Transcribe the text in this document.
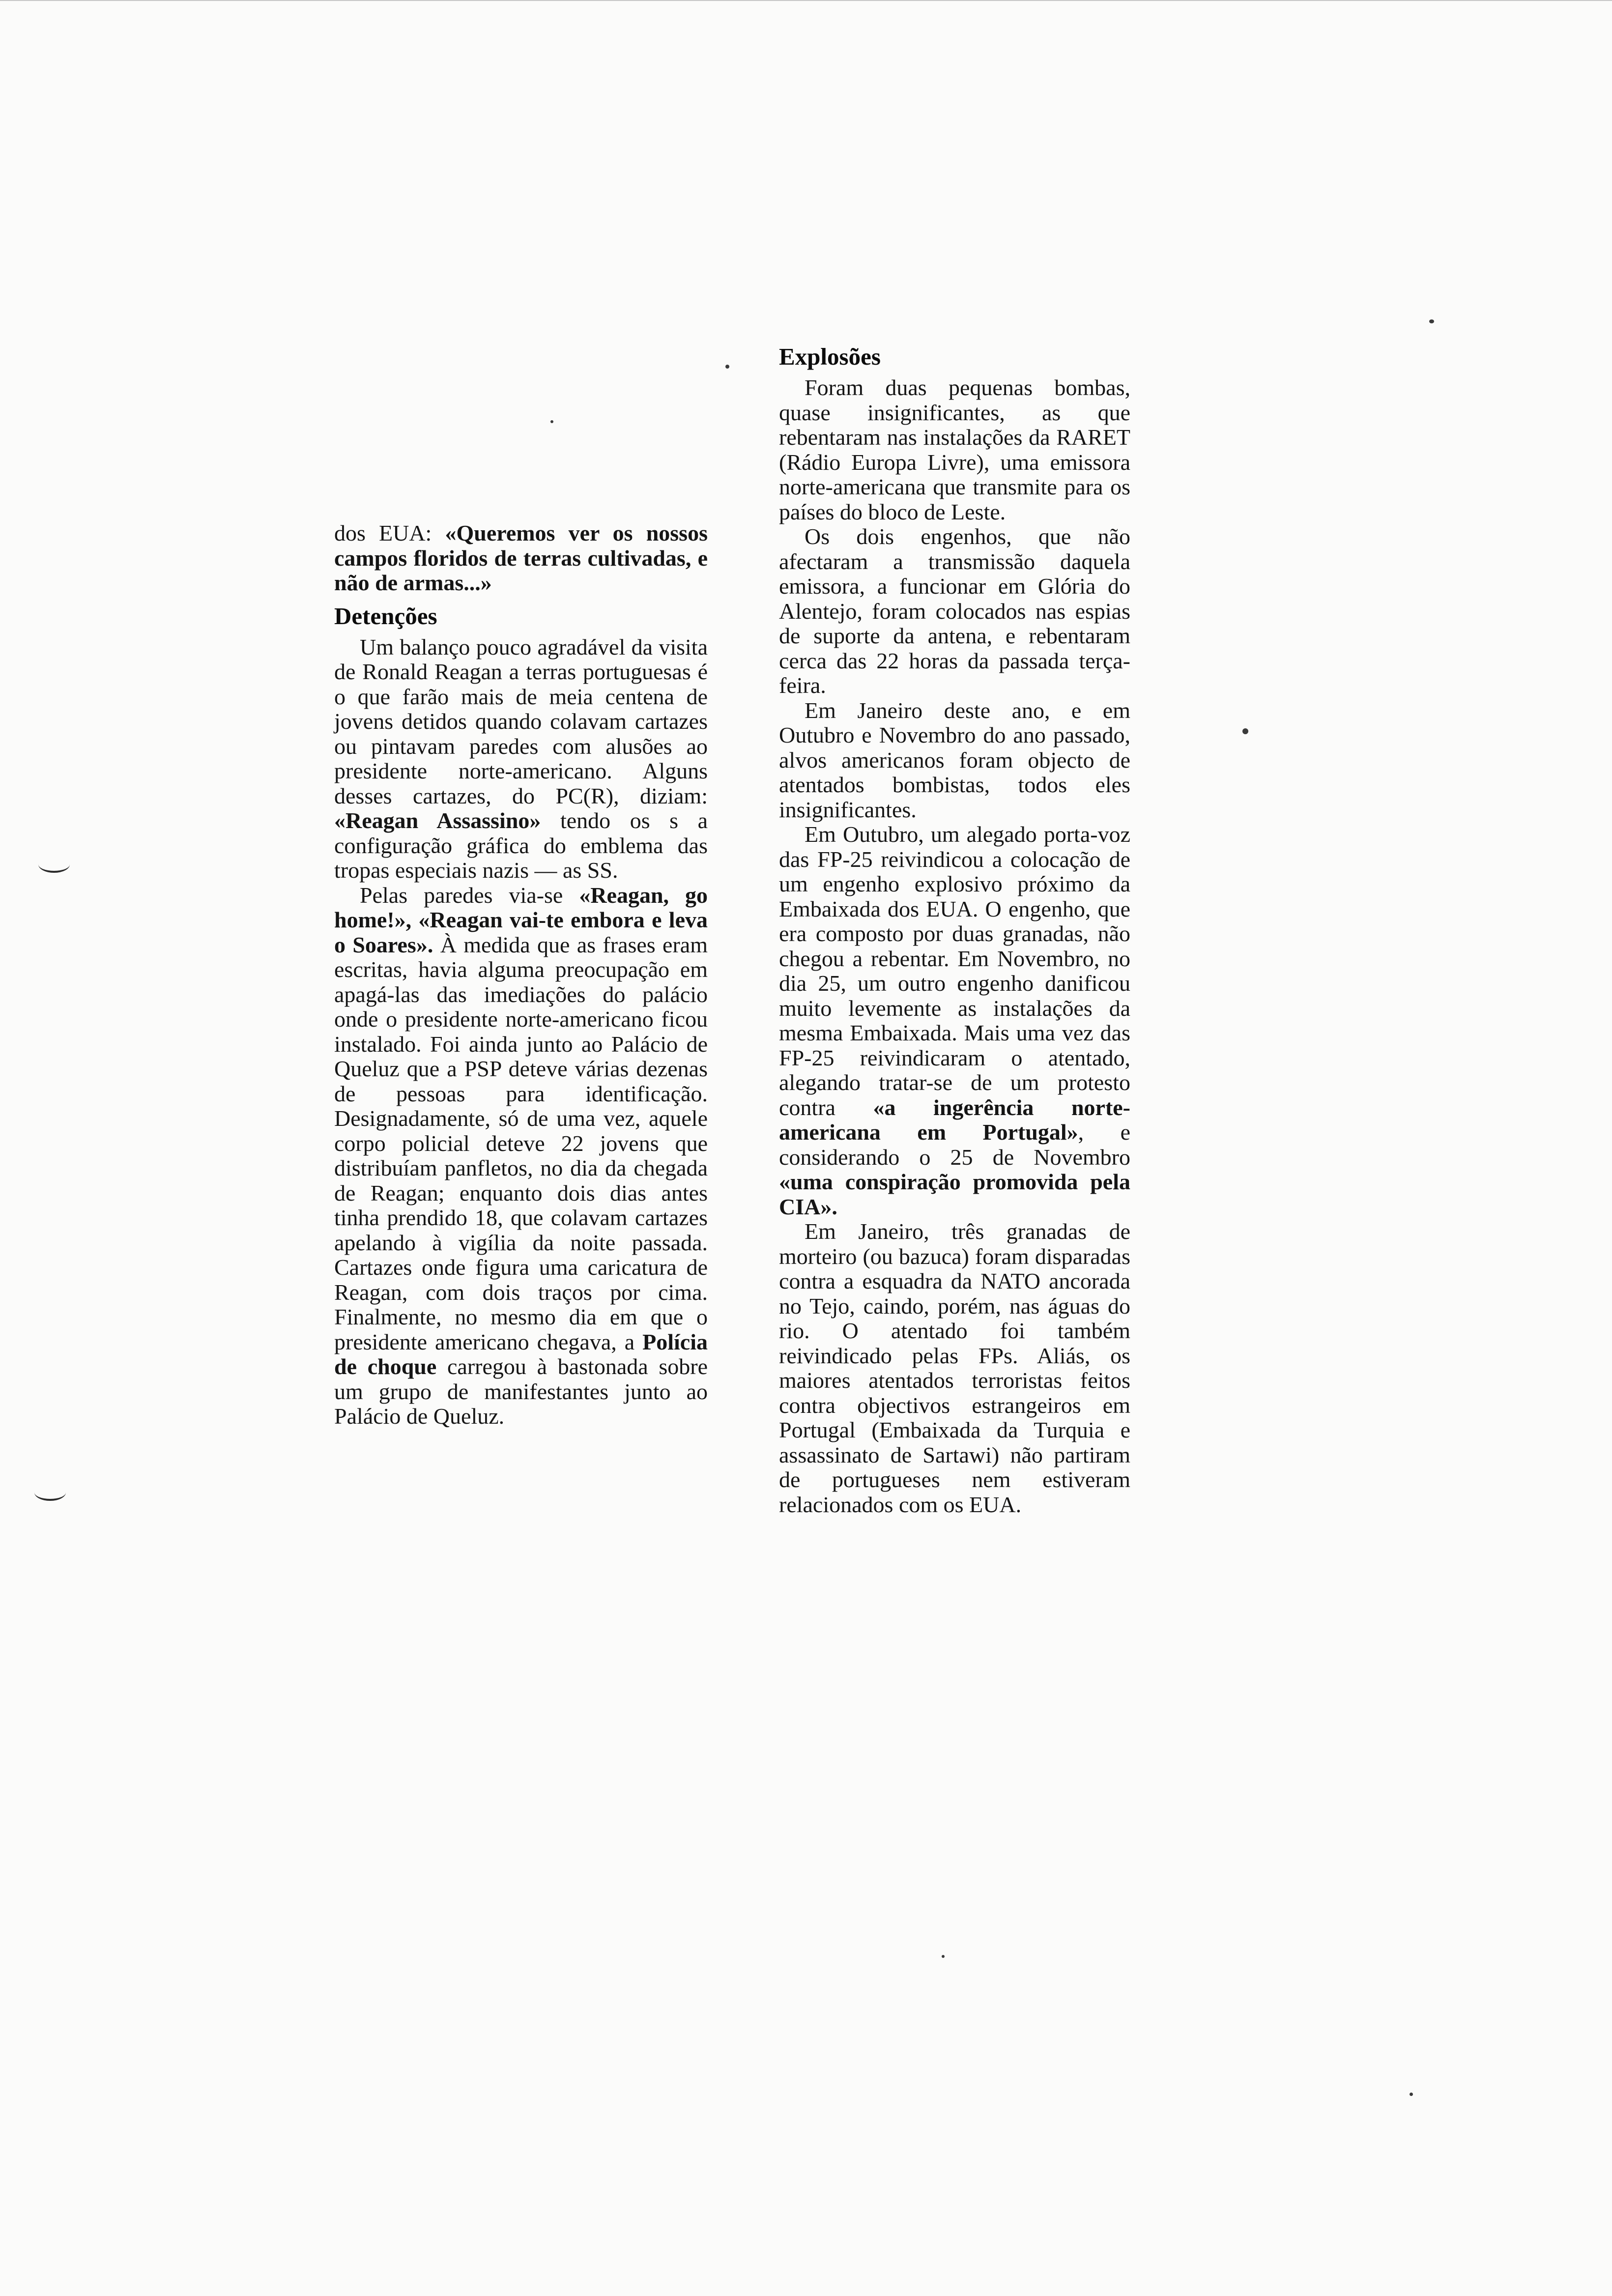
dos EUA: «Queremos ver os nossos campos floridos de terras cultivadas, e não de armas...»

Detenções

Um balanço pouco agradável da visita de Ronald Reagan a terras portuguesas é o que farão mais de meia centena de jovens detidos quando colavam cartazes ou pintavam paredes com alusões ao presidente norte-americano. Alguns desses cartazes, do PC(R), diziam: «Reagan Assassino» tendo os s a configuração gráfica do emblema das tropas especiais nazis — as SS.

Pelas paredes via-se «Reagan, go home!», «Reagan vai-te embora e leva o Soares». À medida que as frases eram escritas, havia alguma preocupação em apagá-las das imediações do palácio onde o presidente norte-americano ficou instalado. Foi ainda junto ao Palácio de Queluz que a PSP deteve várias dezenas de pessoas para identificação. Designadamente, só de uma vez, aquele corpo policial deteve 22 jovens que distribuíam panfletos, no dia da chegada de Reagan; enquanto dois dias antes tinha prendido 18, que colavam cartazes apelando à vigília da noite passada. Cartazes onde figura uma caricatura de Reagan, com dois traços por cima. Finalmente, no mesmo dia em que o presidente americano chegava, a Polícia de choque carregou à bastonada sobre um grupo de manifestantes junto ao Palácio de Queluz.

Explosões

Foram duas pequenas bombas, quase insignificantes, as que rebentaram nas instalações da RARET (Rádio Europa Livre), uma emissora norte-americana que transmite para os países do bloco de Leste.

Os dois engenhos, que não afectaram a transmissão daquela emissora, a funcionar em Glória do Alentejo, foram colocados nas espias de suporte da antena, e rebentaram cerca das 22 horas da passada terça-feira.

Em Janeiro deste ano, e em Outubro e Novembro do ano passado, alvos americanos foram objecto de atentados bombistas, todos eles insignificantes.

Em Outubro, um alegado porta-voz das FP-25 reivindicou a colocação de um engenho explosivo próximo da Embaixada dos EUA. O engenho, que era composto por duas granadas, não chegou a rebentar. Em Novembro, no dia 25, um outro engenho danificou muito levemente as instalações da mesma Embaixada. Mais uma vez das FP-25 reivindicaram o atentado, alegando tratar-se de um protesto contra «a ingerência norte-americana em Portugal», e considerando o 25 de Novembro «uma conspiração promovida pela CIA».

Em Janeiro, três granadas de morteiro (ou bazuca) foram disparadas contra a esquadra da NATO ancorada no Tejo, caindo, porém, nas águas do rio. O atentado foi também reivindicado pelas FPs. Aliás, os maiores atentados terroristas feitos contra objectivos estrangeiros em Portugal (Embaixada da Turquia e assassinato de Sartawi) não partiram de portugueses nem estiveram relacionados com os EUA.
